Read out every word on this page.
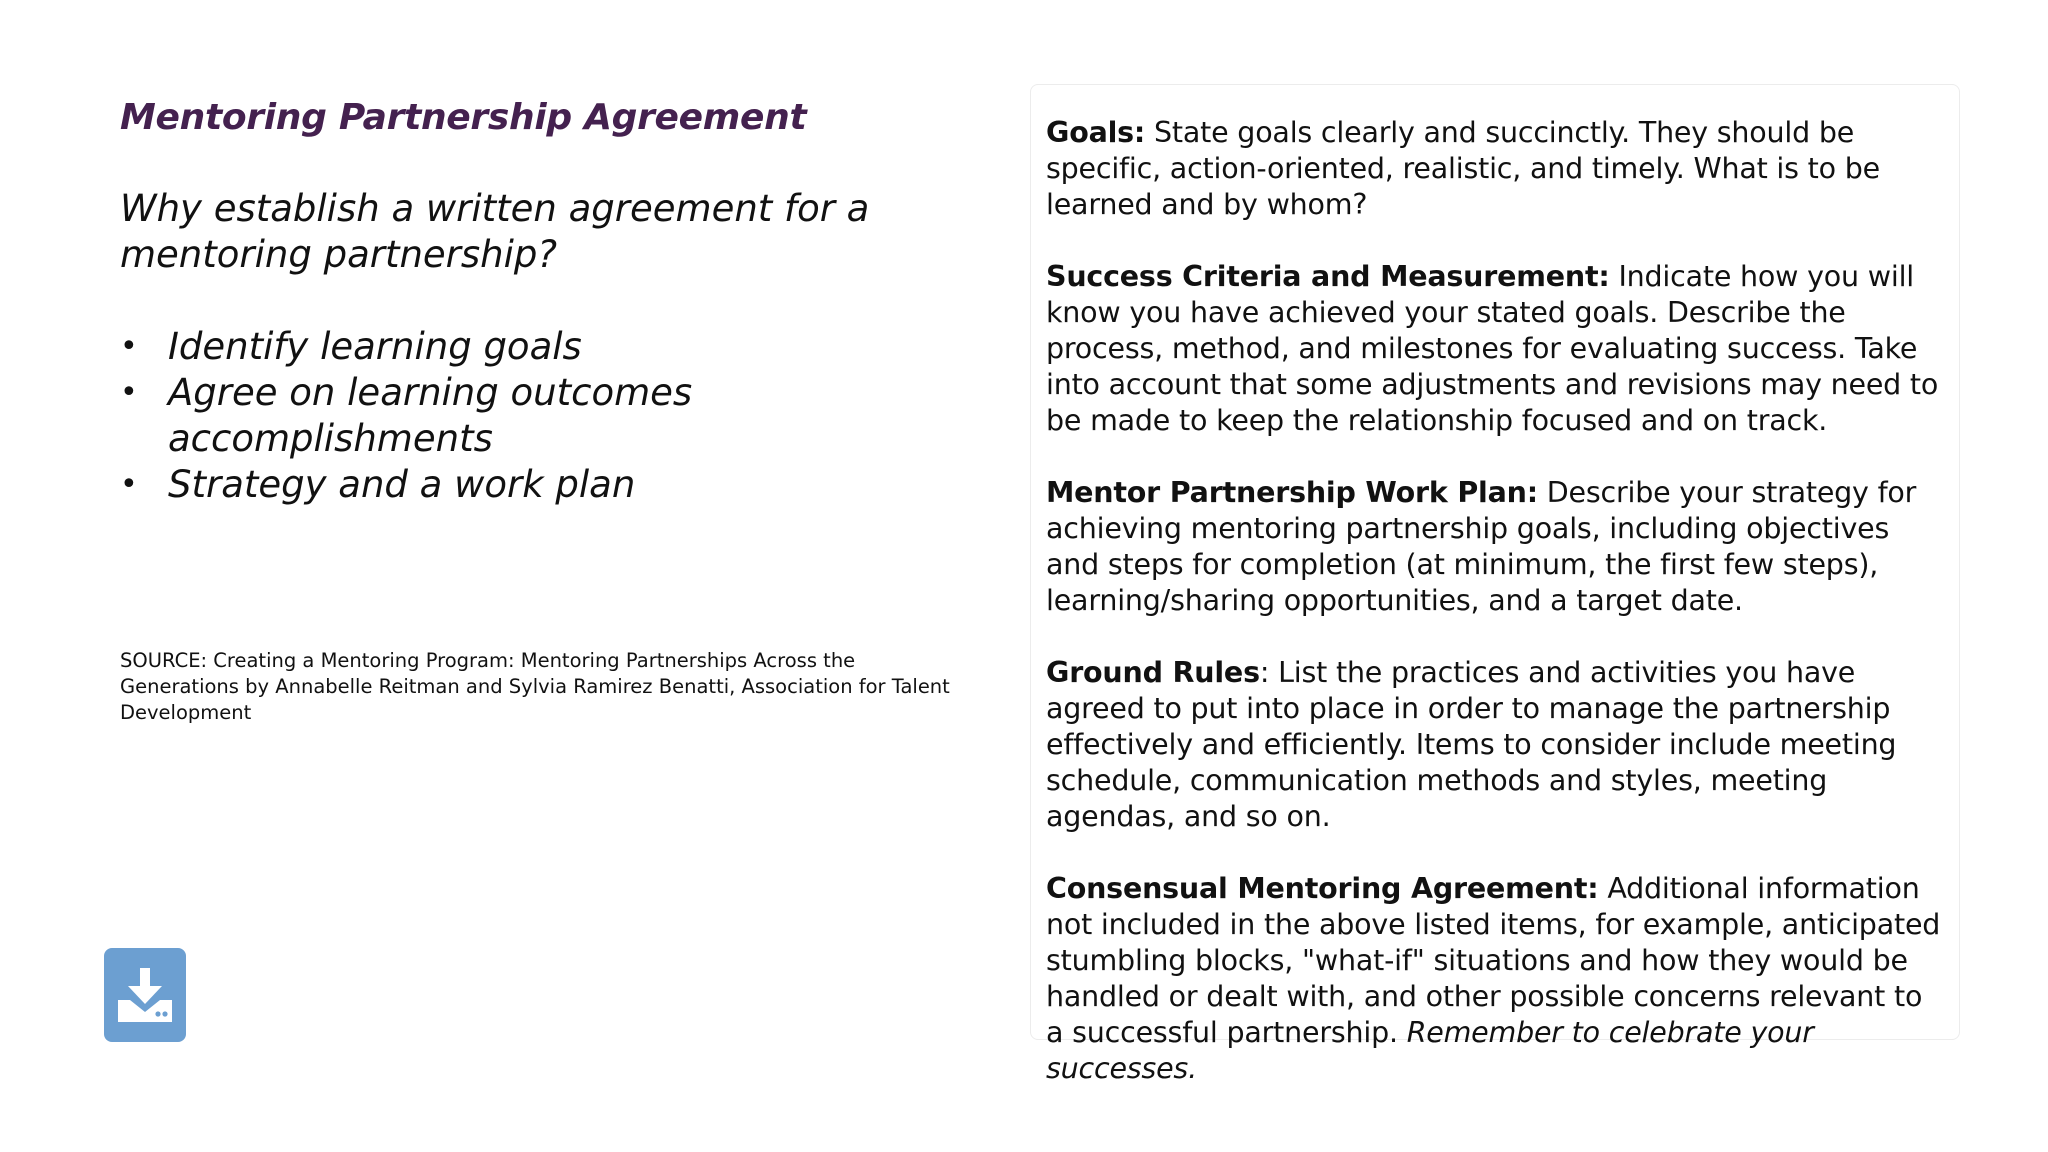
Mentoring Partnership Agreement

Why establish a written agreement for a mentoring partnership?

• Identify learning goals
• Agree on learning outcomes accomplishments
• Strategy and a work plan
SOURCE: Creating a Mentoring Program: Mentoring Partnerships Across the Generations by Annabelle Reitman and Sylvia Ramirez Benatti, Association for Talent Development

Goals: State goals clearly and succinctly. They should be specific, action-oriented, realistic, and timely. What is to be learned and by whom?

Success Criteria and Measurement: Indicate how you will know you have achieved your stated goals. Describe the process, method, and milestones for evaluating success. Take into account that some adjustments and revisions may need to be made to keep the relationship focused and on track.

Mentor Partnership Work Plan: Describe your strategy for achieving mentoring partnership goals, including objectives and steps for completion (at minimum, the first few steps), learning/sharing opportunities, and a target date.

Ground Rules: List the practices and activities you have agreed to put into place in order to manage the partnership effectively and efficiently. Items to consider include meeting schedule, communication methods and styles, meeting agendas, and so on.

Consensual Mentoring Agreement: Additional information not included in the above listed items, for example, anticipated stumbling blocks, "what-if" situations and how they would be handled or dealt with, and other possible concerns relevant to a successful partnership. Remember to celebrate your successes.
